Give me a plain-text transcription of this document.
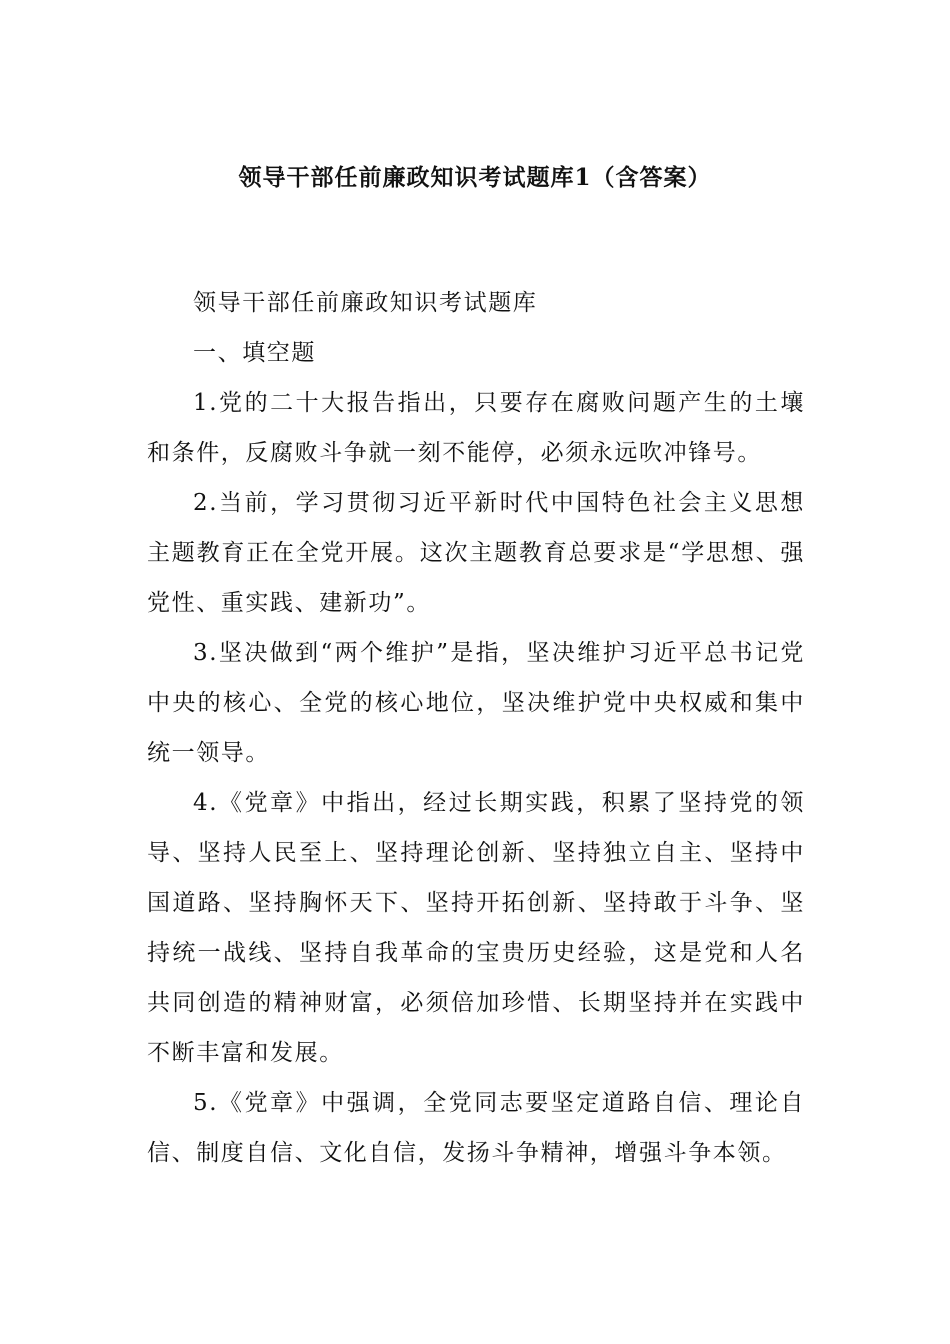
领导干部任前廉政知识考试题库1（含答案）

领导干部任前廉政知识考试题库

一、填空题

1.党的二十大报告指出，只要存在腐败问题产生的土壤和条件，反腐败斗争就一刻不能停，必须永远吹冲锋号。

2.当前，学习贯彻习近平新时代中国特色社会主义思想主题教育正在全党开展。这次主题教育总要求是“学思想、强党性、重实践、建新功”。

3.坚决做到“两个维护”是指，坚决维护习近平总书记党中央的核心、全党的核心地位，坚决维护党中央权威和集中统一领导。

4.《党章》中指出，经过长期实践，积累了坚持党的领导、坚持人民至上、坚持理论创新、坚持独立自主、坚持中国道路、坚持胸怀天下、坚持开拓创新、坚持敢于斗争、坚持统一战线、坚持自我革命的宝贵历史经验，这是党和人名共同创造的精神财富，必须倍加珍惜、长期坚持并在实践中不断丰富和发展。

5.《党章》中强调，全党同志要坚定道路自信、理论自信、制度自信、文化自信，发扬斗争精神，增强斗争本领。
